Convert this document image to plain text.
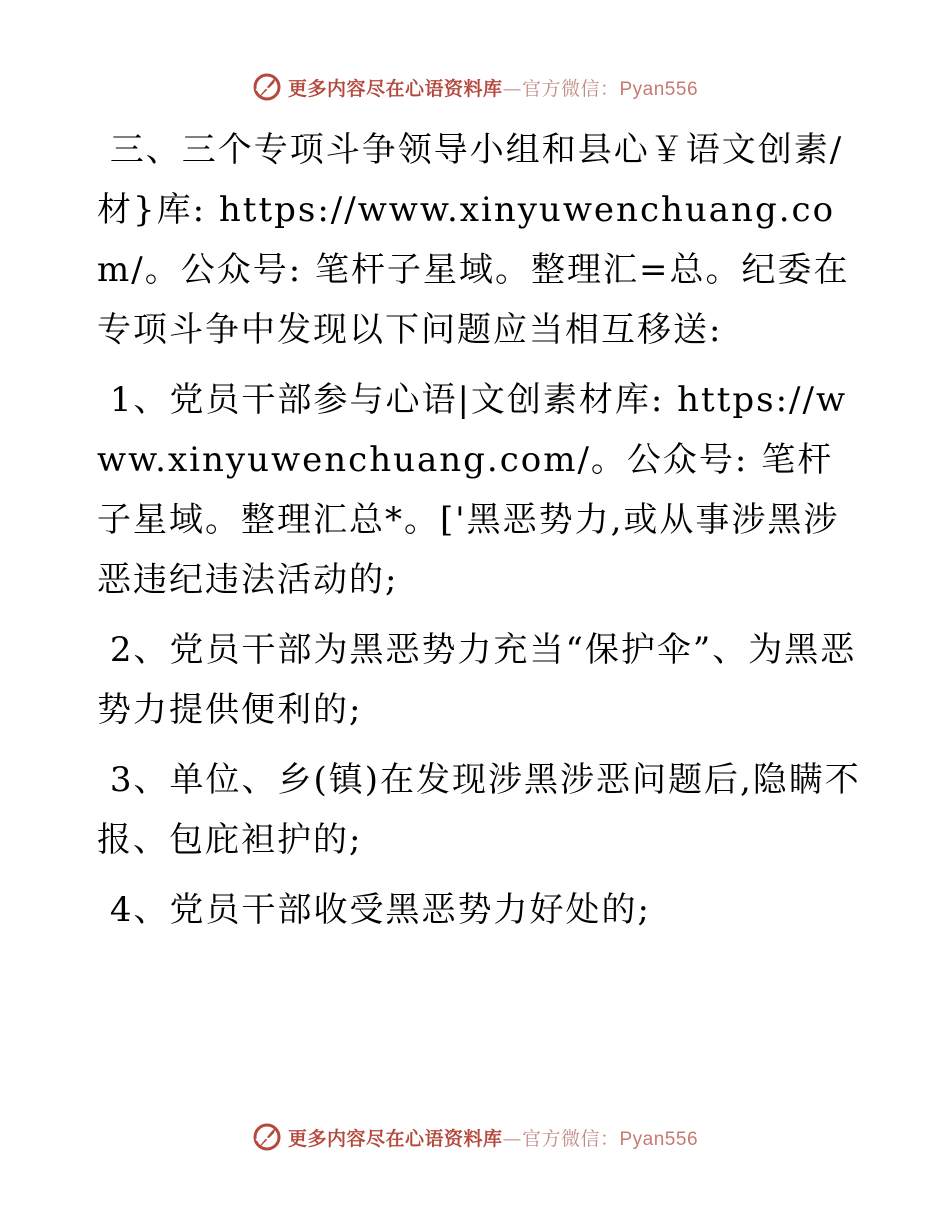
更多内容尽在心语资料库—官方微信：Pyan556

三、三个专项斗争领导小组和县心￥语文创素/材}库: https://www.xinyuwenchuang.com/。公众号: 笔杆子星域。整理汇=总。纪委在专项斗争中发现以下问题应当相互移送:

1、党员干部参与心语|文创素材库: https://www.xinyuwenchuang.com/。公众号: 笔杆子星域。整理汇总*。['黑恶势力,或从事涉黑涉恶违纪违法活动的;

2、党员干部为黑恶势力充当“保护伞”、为黑恶势力提供便利的;

3、单位、乡(镇)在发现涉黑涉恶问题后,隐瞒不报、包庇袒护的;

4、党员干部收受黑恶势力好处的;

更多内容尽在心语资料库—官方微信：Pyan556
